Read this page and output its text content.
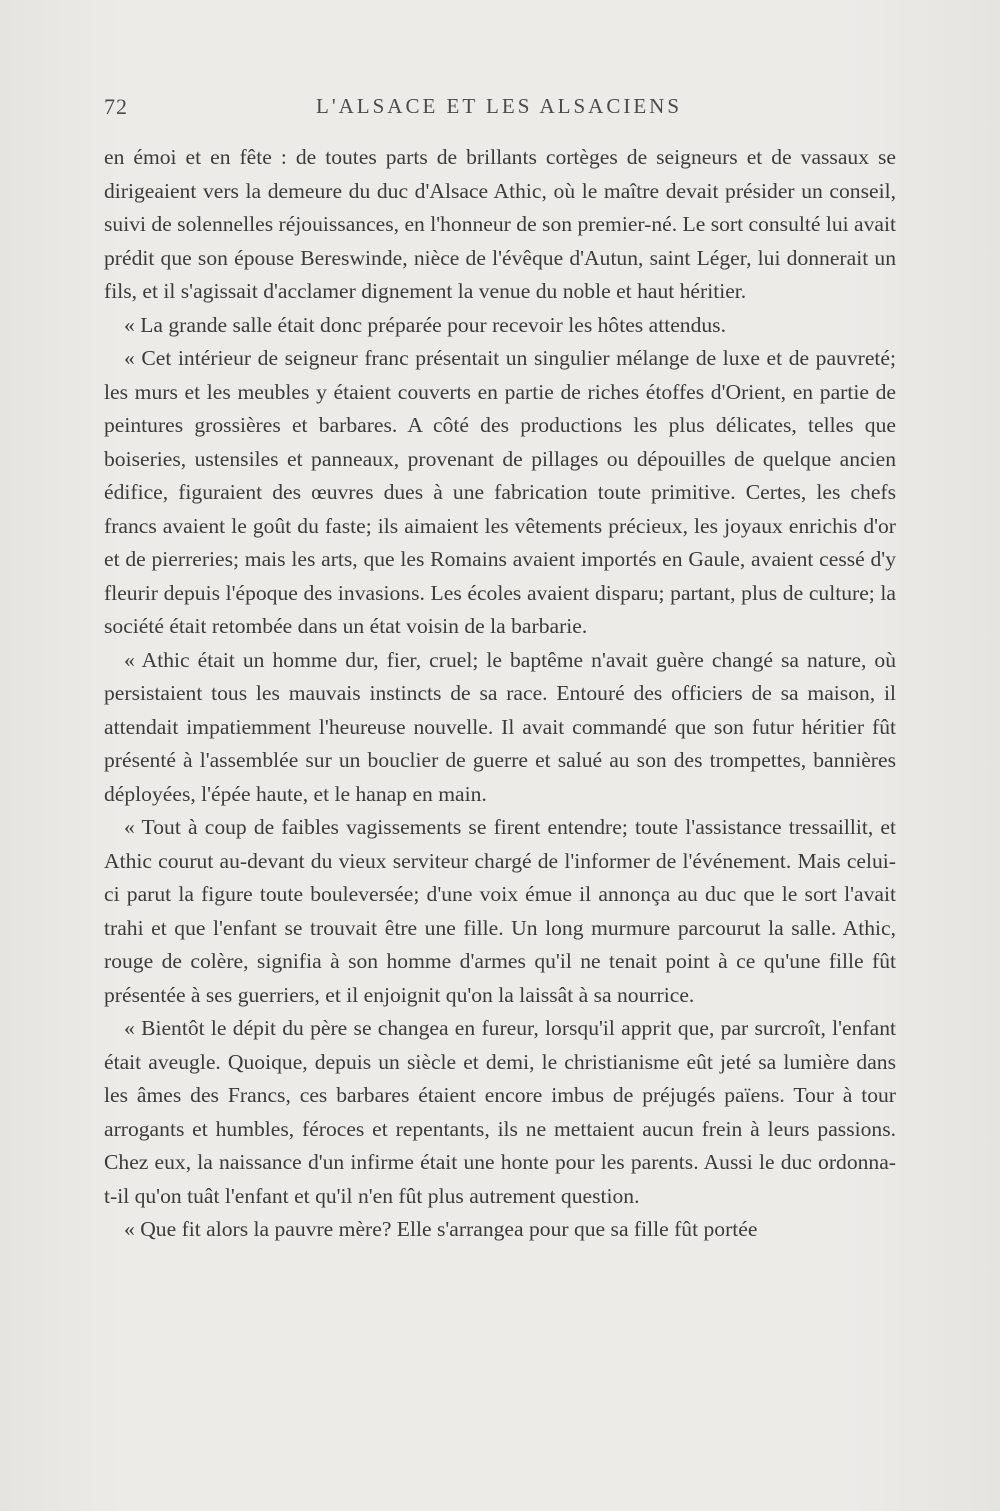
72	L'ALSACE ET LES ALSACIENS

en émoi et en fête : de toutes parts de brillants cortèges de seigneurs et de vassaux se dirigeaient vers la demeure du duc d'Alsace Athic, où le maître devait présider un conseil, suivi de solennelles réjouissances, en l'honneur de son premier-né. Le sort consulté lui avait prédit que son épouse Bereswinde, nièce de l'évêque d'Autun, saint Léger, lui donnerait un fils, et il s'agissait d'acclamer dignement la venue du noble et haut héritier.

« La grande salle était donc préparée pour recevoir les hôtes attendus.

« Cet intérieur de seigneur franc présentait un singulier mélange de luxe et de pauvreté; les murs et les meubles y étaient couverts en partie de riches étoffes d'Orient, en partie de peintures grossières et barbares. A côté des productions les plus délicates, telles que boiseries, ustensiles et panneaux, provenant de pillages ou dépouilles de quelque ancien édifice, figuraient des œuvres dues à une fabrication toute primitive. Certes, les chefs francs avaient le goût du faste; ils aimaient les vêtements précieux, les joyaux enrichis d'or et de pierreries; mais les arts, que les Romains avaient importés en Gaule, avaient cessé d'y fleurir depuis l'époque des invasions. Les écoles avaient disparu; partant, plus de culture; la société était retombée dans un état voisin de la barbarie.

« Athic était un homme dur, fier, cruel; le baptême n'avait guère changé sa nature, où persistaient tous les mauvais instincts de sa race. Entouré des officiers de sa maison, il attendait impatiemment l'heureuse nouvelle. Il avait commandé que son futur héritier fût présenté à l'assemblée sur un bouclier de guerre et salué au son des trompettes, bannières déployées, l'épée haute, et le hanap en main.

« Tout à coup de faibles vagissements se firent entendre; toute l'assistance tressaillit, et Athic courut au-devant du vieux serviteur chargé de l'informer de l'événement. Mais celui-ci parut la figure toute bouleversée; d'une voix émue il annonça au duc que le sort l'avait trahi et que l'enfant se trouvait être une fille. Un long murmure parcourut la salle. Athic, rouge de colère, signifia à son homme d'armes qu'il ne tenait point à ce qu'une fille fût présentée à ses guerriers, et il enjoignit qu'on la laissât à sa nourrice.

« Bientôt le dépit du père se changea en fureur, lorsqu'il apprit que, par surcroît, l'enfant était aveugle. Quoique, depuis un siècle et demi, le christianisme eût jeté sa lumière dans les âmes des Francs, ces barbares étaient encore imbus de préjugés païens. Tour à tour arrogants et humbles, féroces et repentants, ils ne mettaient aucun frein à leurs passions. Chez eux, la naissance d'un infirme était une honte pour les parents. Aussi le duc ordonna-t-il qu'on tuât l'enfant et qu'il n'en fût plus autrement question.

« Que fit alors la pauvre mère? Elle s'arrangea pour que sa fille fût portée
